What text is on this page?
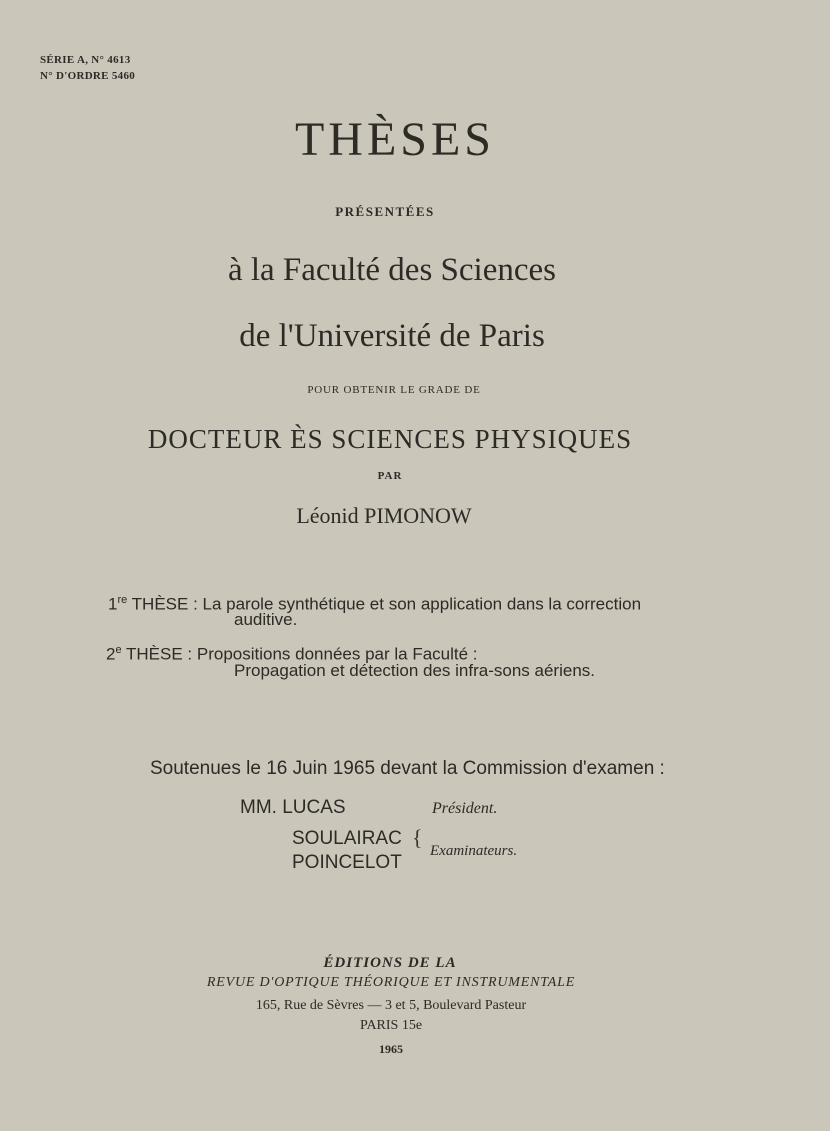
SÉRIE A, N° 4613
N° D'ORDRE 5460
THÈSES
PRÉSENTÉES
à la Faculté des Sciences
de l'Université de Paris
POUR OBTENIR LE GRADE DE
DOCTEUR ÈS SCIENCES PHYSIQUES
PAR
Léonid PIMONOW
1re THÈSE : La parole synthétique et son application dans la correction
auditive.
2e THÈSE : Propositions données par la Faculté :
Propagation et détection des infra-sons aériens.
Soutenues le 16 Juin 1965 devant la Commission d'examen :
MM. LUCAS	Président.
SOULAIRAC
POINCELOT
{
Examinateurs.
ÉDITIONS DE LA
REVUE D'OPTIQUE THÉORIQUE ET INSTRUMENTALE
165, Rue de Sèvres — 3 et 5, Boulevard Pasteur
PARIS 15e
1965
